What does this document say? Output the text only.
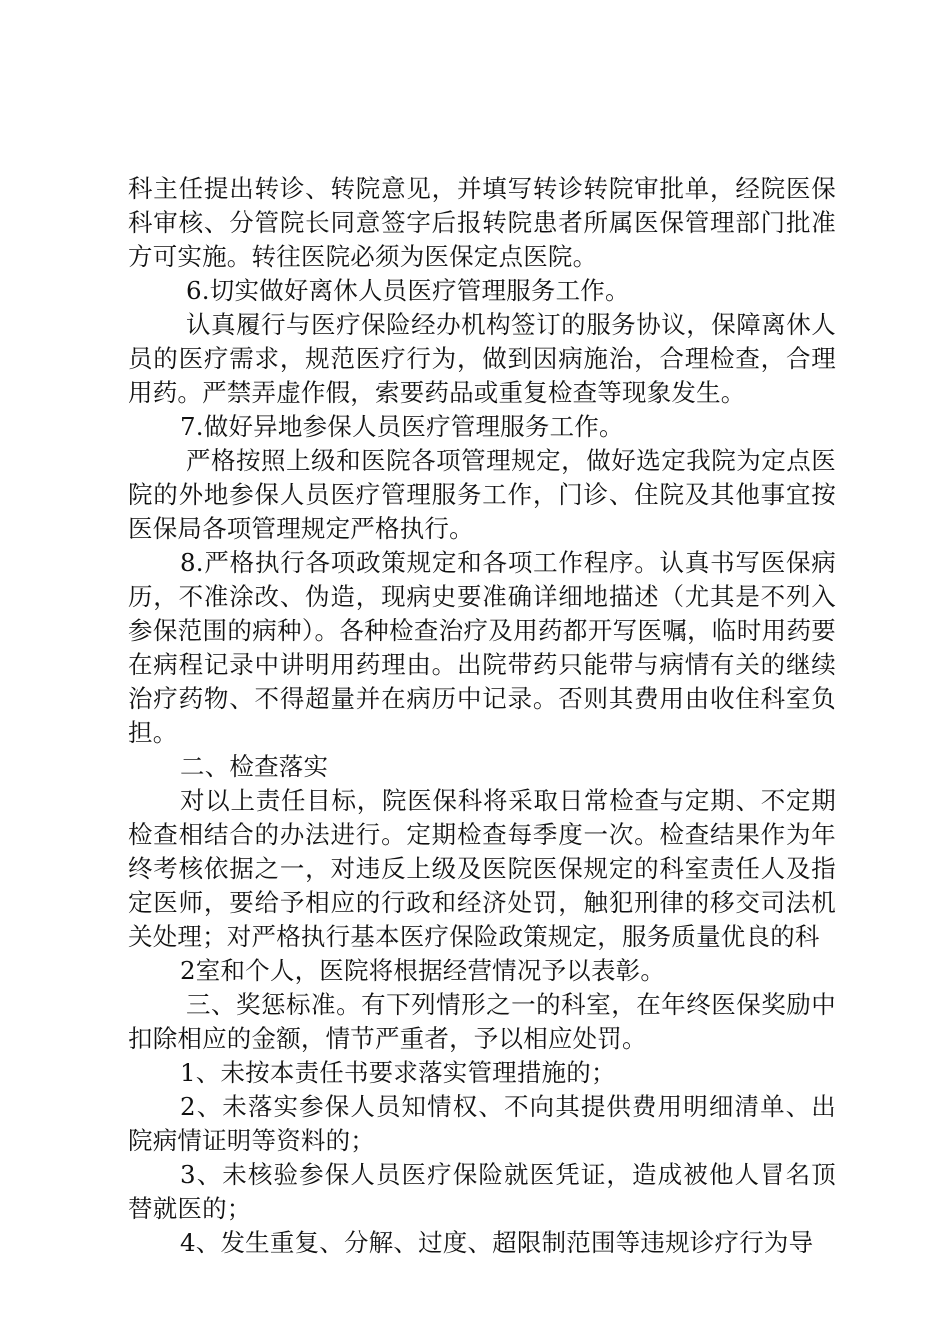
科主任提出转诊、转院意见，并填写转诊转院审批单，经院医保科审核、分管院长同意签字后报转院患者所属医保管理部门批准方可实施。转往医院必须为医保定点医院。

6.切实做好离休人员医疗管理服务工作。

认真履行与医疗保险经办机构签订的服务协议，保障离休人员的医疗需求，规范医疗行为，做到因病施治，合理检查，合理用药。严禁弄虚作假，索要药品或重复检查等现象发生。

7.做好异地参保人员医疗管理服务工作。

严格按照上级和医院各项管理规定，做好选定我院为定点医院的外地参保人员医疗管理服务工作，门诊、住院及其他事宜按医保局各项管理规定严格执行。

8.严格执行各项政策规定和各项工作程序。认真书写医保病历，不准涂改、伪造，现病史要准确详细地描述（尤其是不列入参保范围的病种）。各种检查治疗及用药都开写医嘱，临时用药要在病程记录中讲明用药理由。出院带药只能带与病情有关的继续治疗药物、不得超量并在病历中记录。否则其费用由收住科室负担。

二、检查落实

对以上责任目标，院医保科将采取日常检查与定期、不定期检查相结合的办法进行。定期检查每季度一次。检查结果作为年终考核依据之一，对违反上级及医院医保规定的科室责任人及指定医师，要给予相应的行政和经济处罚，触犯刑律的移交司法机关处理；对严格执行基本医疗保险政策规定，服务质量优良的科

2室和个人，医院将根据经营情况予以表彰。

三、奖惩标准。有下列情形之一的科室，在年终医保奖励中扣除相应的金额，情节严重者，予以相应处罚。

1、未按本责任书要求落实管理措施的；

2、未落实参保人员知情权、不向其提供费用明细清单、出院病情证明等资料的；

3、未核验参保人员医疗保险就医凭证，造成被他人冒名顶替就医的；

4、发生重复、分解、过度、超限制范围等违规诊疗行为导
